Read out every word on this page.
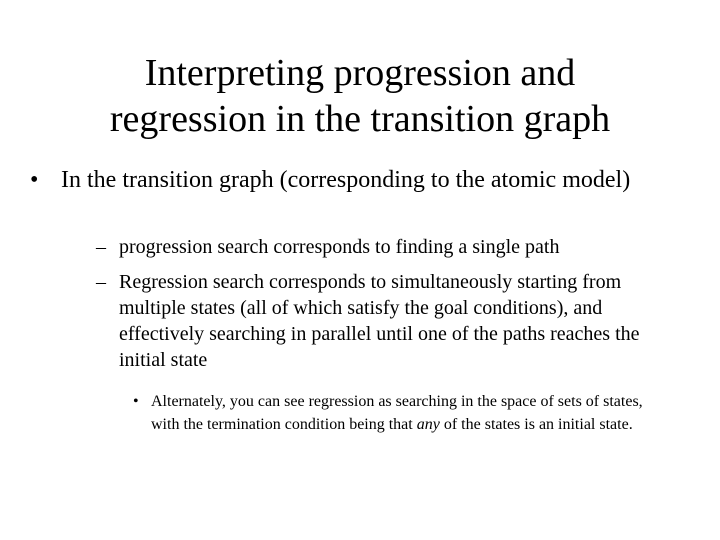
Interpreting progression and
regression in the transition graph
• In the transition graph (corresponding to the atomic model)
– progression search corresponds to finding a single path
– Regression search corresponds to simultaneously starting from multiple states (all of which satisfy the goal conditions), and effectively searching in parallel until one of the paths reaches the initial state
• Alternately, you can see regression as searching in the space of sets of states, with the termination condition being that any of the states is an initial state.
